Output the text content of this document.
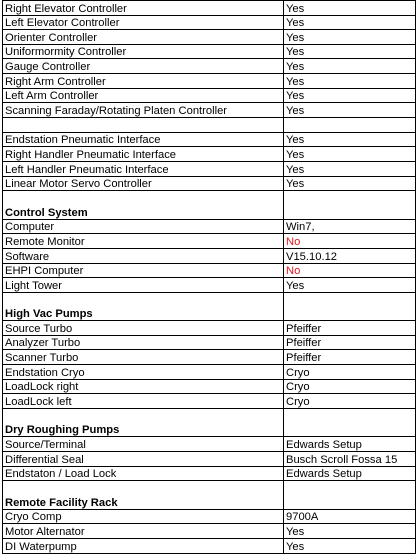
Right Elevator Controller	Yes
Left Elevator Controller	Yes
Orienter Controller	Yes
Uniformormity Controller	Yes
Gauge Controller	Yes
Right Arm Controller	Yes
Left Arm Controller	Yes
Scanning Faraday/Rotating Platen Controller	Yes

Endstation Pneumatic Interface	Yes
Right Handler Pneumatic Interface	Yes
Left Handler Pneumatic Interface	Yes
Linear Motor Servo Controller	Yes

Control System	
Computer	Win7,
Remote Monitor	No
Software	V15.10.12
EHPI Computer	No
Light Tower	Yes

High Vac Pumps	
Source Turbo	Pfeiffer
Analyzer Turbo	Pfeiffer
Scanner Turbo	Pfeiffer
Endstation Cryo	Cryo
LoadLock right	Cryo
LoadLock left	Cryo

Dry Roughing Pumps	
Source/Terminal	Edwards Setup
Differential Seal	Busch Scroll Fossa 15
Endstaton / Load Lock	Edwards Setup

Remote Facility Rack	
Cryo Comp	9700A
Motor Alternator	Yes
DI Waterpump	Yes
